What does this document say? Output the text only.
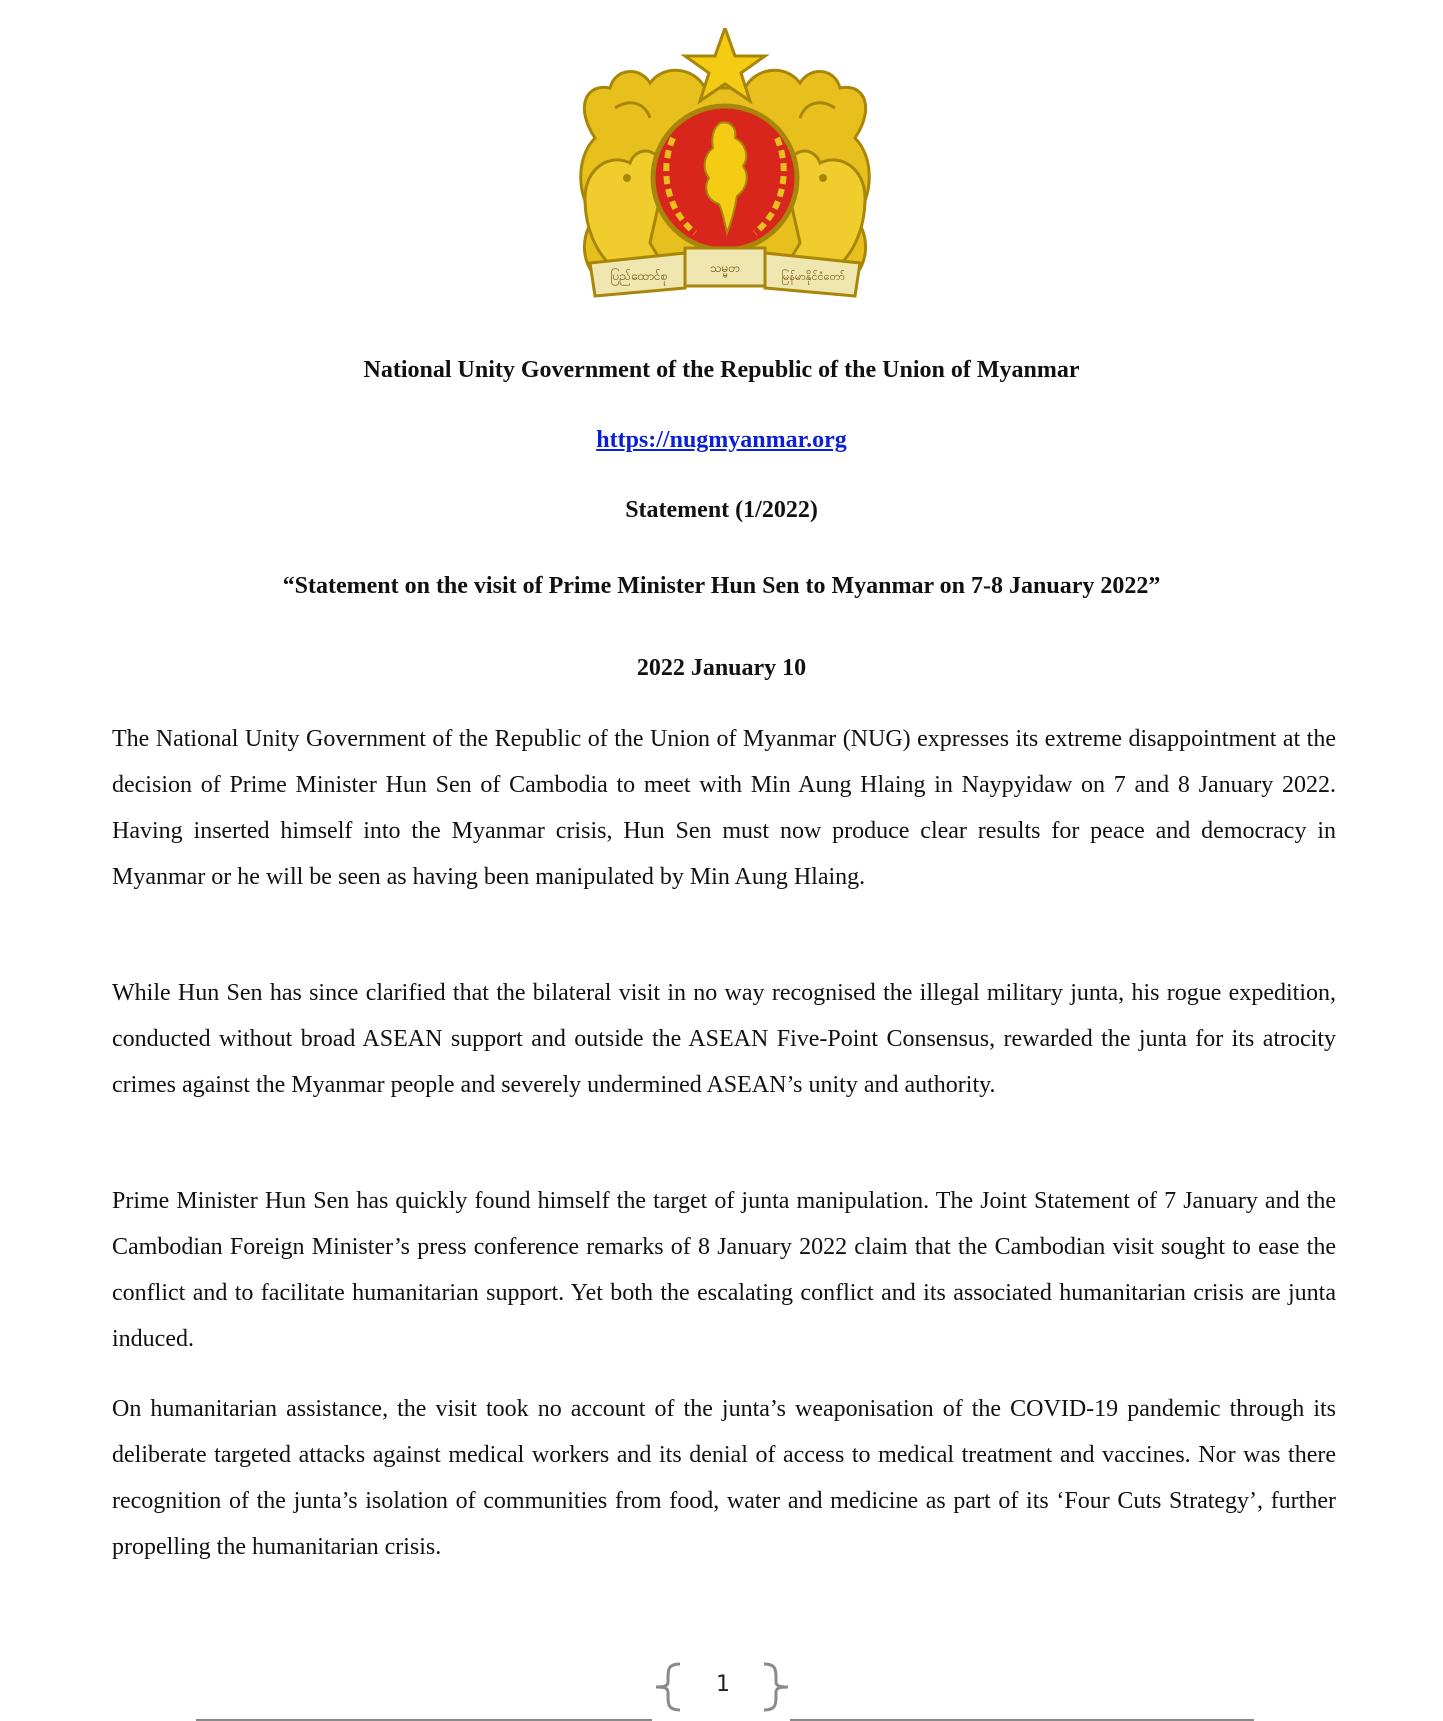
ပြည်ထောင်စု
သမ္မတ
မြန်မာနိုင်ငံတော်
National Unity Government of the Republic of the Union of Myanmar
https://nugmyanmar.org
Statement (1/2022)
“Statement on the visit of Prime Minister Hun Sen to Myanmar on 7-8 January 2022”
2022 January 10

The National Unity Government of the Republic of the Union of Myanmar (NUG) expresses its extreme disappointment at the decision of Prime Minister Hun Sen of Cambodia to meet with Min Aung Hlaing in Naypyidaw on 7 and 8 January 2022. Having inserted himself into the Myanmar crisis, Hun Sen must now produce clear results for peace and democracy in Myanmar or he will be seen as having been manipulated by Min Aung Hlaing.

While Hun Sen has since clarified that the bilateral visit in no way recognised the illegal military junta, his rogue expedition, conducted without broad ASEAN support and outside the ASEAN Five-Point Consensus, rewarded the junta for its atrocity crimes against the Myanmar people and severely undermined ASEAN’s unity and authority.

Prime Minister Hun Sen has quickly found himself the target of junta manipulation. The Joint Statement of 7 January and the Cambodian Foreign Minister’s press conference remarks of 8 January 2022 claim that the Cambodian visit sought to ease the conflict and to facilitate humanitarian support. Yet both the escalating conflict and its associated humanitarian crisis are junta induced.

On humanitarian assistance, the visit took no account of the junta’s weaponisation of the COVID-19 pandemic through its deliberate targeted attacks against medical workers and its denial of access to medical treatment and vaccines. Nor was there recognition of the junta’s isolation of communities from food, water and medicine as part of its ‘Four Cuts Strategy’, further propelling the humanitarian crisis.

1
